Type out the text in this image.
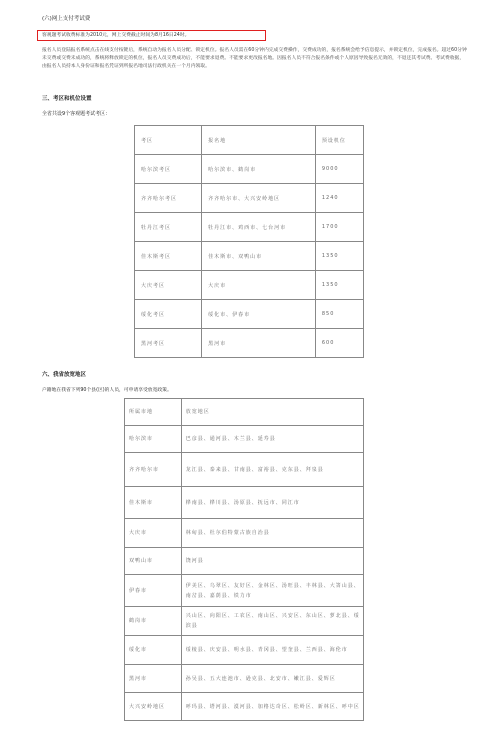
(六)网上支付考试费
客观题考试收费标准为2010元，网上交费截止时间为8月16日24时。
报名人员登陆报名系统点击在线支付按键后，系统自动为报名人员分配、锁定机位。报名人员需在60分钟内完成交费操作，交费成功的，报名系统会给予信息提示，并锁定机位，完成报名。超过60分钟未交费或交费未成功的，系统将释放锁定的机位，报名人员交费成功后，不能要求退费。不能要求更改报名地。因报名人员不符合报名条件或个人原因导致报名无效的，不退还其考试费。考试费收据，由报名人员持本人身份证和报名凭证到所报名地司法行政机关在一个月内领取。
三、考区和机位设置
全省共设9个客观题考试考区：
考区	报名地	预设机位
哈尔滨考区	哈尔滨市、鹤岗市	9000
齐齐哈尔考区	齐齐哈尔市、大兴安岭地区	1240
牡丹江考区	牡丹江市、鸡西市、七台河市	1700
佳木斯考区	佳木斯市、双鸭山市	1350
大庆考区	大庆市	1350
绥化考区	绥化市、伊春市	850
黑河考区	黑河市	600
六、我省放宽地区
户籍地在我省下列90个县(区)的人员，可申请享受放宽政策。
所属市地	放宽地区
哈尔滨市	巴彦县、通河县、木兰县、延寿县
齐齐哈尔市	龙江县、泰来县、甘南县、富裕县、克东县、拜泉县
佳木斯市	桦南县、桦川县、汤原县、抚远市、同江市
大庆市	林甸县、杜尔伯特蒙古族自治县
双鸭山市	饶河县
伊春市	伊美区、乌翠区、友好区、金林区、汤旺县、丰林县、大箐山县、南岔县、嘉荫县、铁力市
鹤岗市	兴山区、向阳区、工农区、南山区、兴安区、东山区、萝北县、绥滨县
绥化市	绥棱县、庆安县、明水县、青冈县、望奎县、兰西县、海伦市
黑河市	孙吴县、五大连池市、逊克县、北安市、嫩江县、爱辉区
大兴安岭地区	呼玛县、塔河县、漠河县、加格达奇区、松岭区、新林区、呼中区
